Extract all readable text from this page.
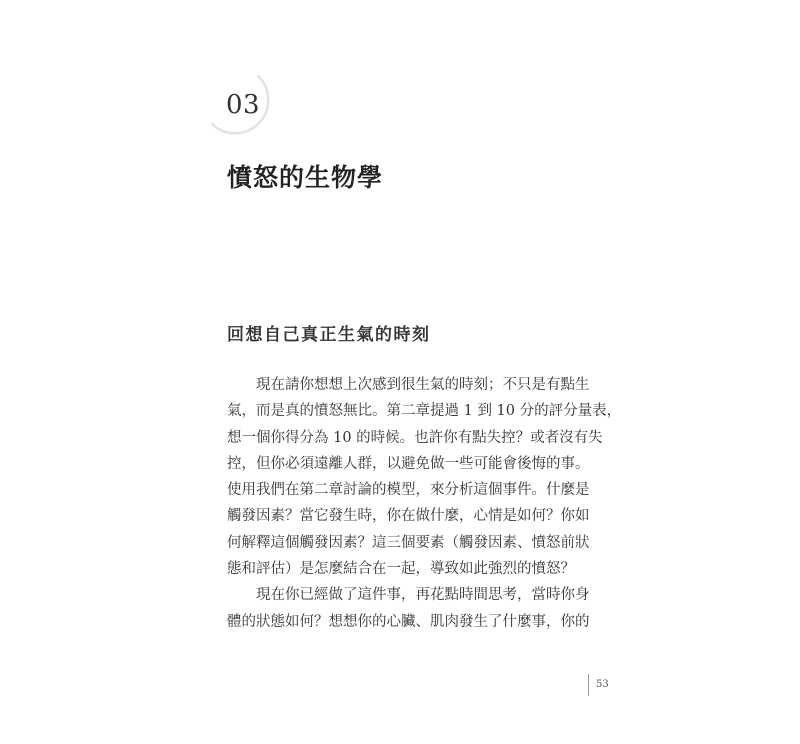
03
憤怒的生物學
回想自己真正生氣的時刻
現在請你想想上次感到很生氣的時刻；不只是有點生
氣，而是真的憤怒無比。第二章提過 1 到 10 分的評分量表，
想一個你得分為 10 的時候。也許你有點失控？或者沒有失
控，但你必須遠離人群，以避免做一些可能會後悔的事。
使用我們在第二章討論的模型，來分析這個事件。什麼是
觸發因素？當它發生時，你在做什麼，心情是如何？你如
何解釋這個觸發因素？這三個要素（觸發因素、憤怒前狀
態和評估）是怎麼結合在一起，導致如此強烈的憤怒？
現在你已經做了這件事，再花點時間思考，當時你身
體的狀態如何？想想你的心臟、肌肉發生了什麼事，你的
53
